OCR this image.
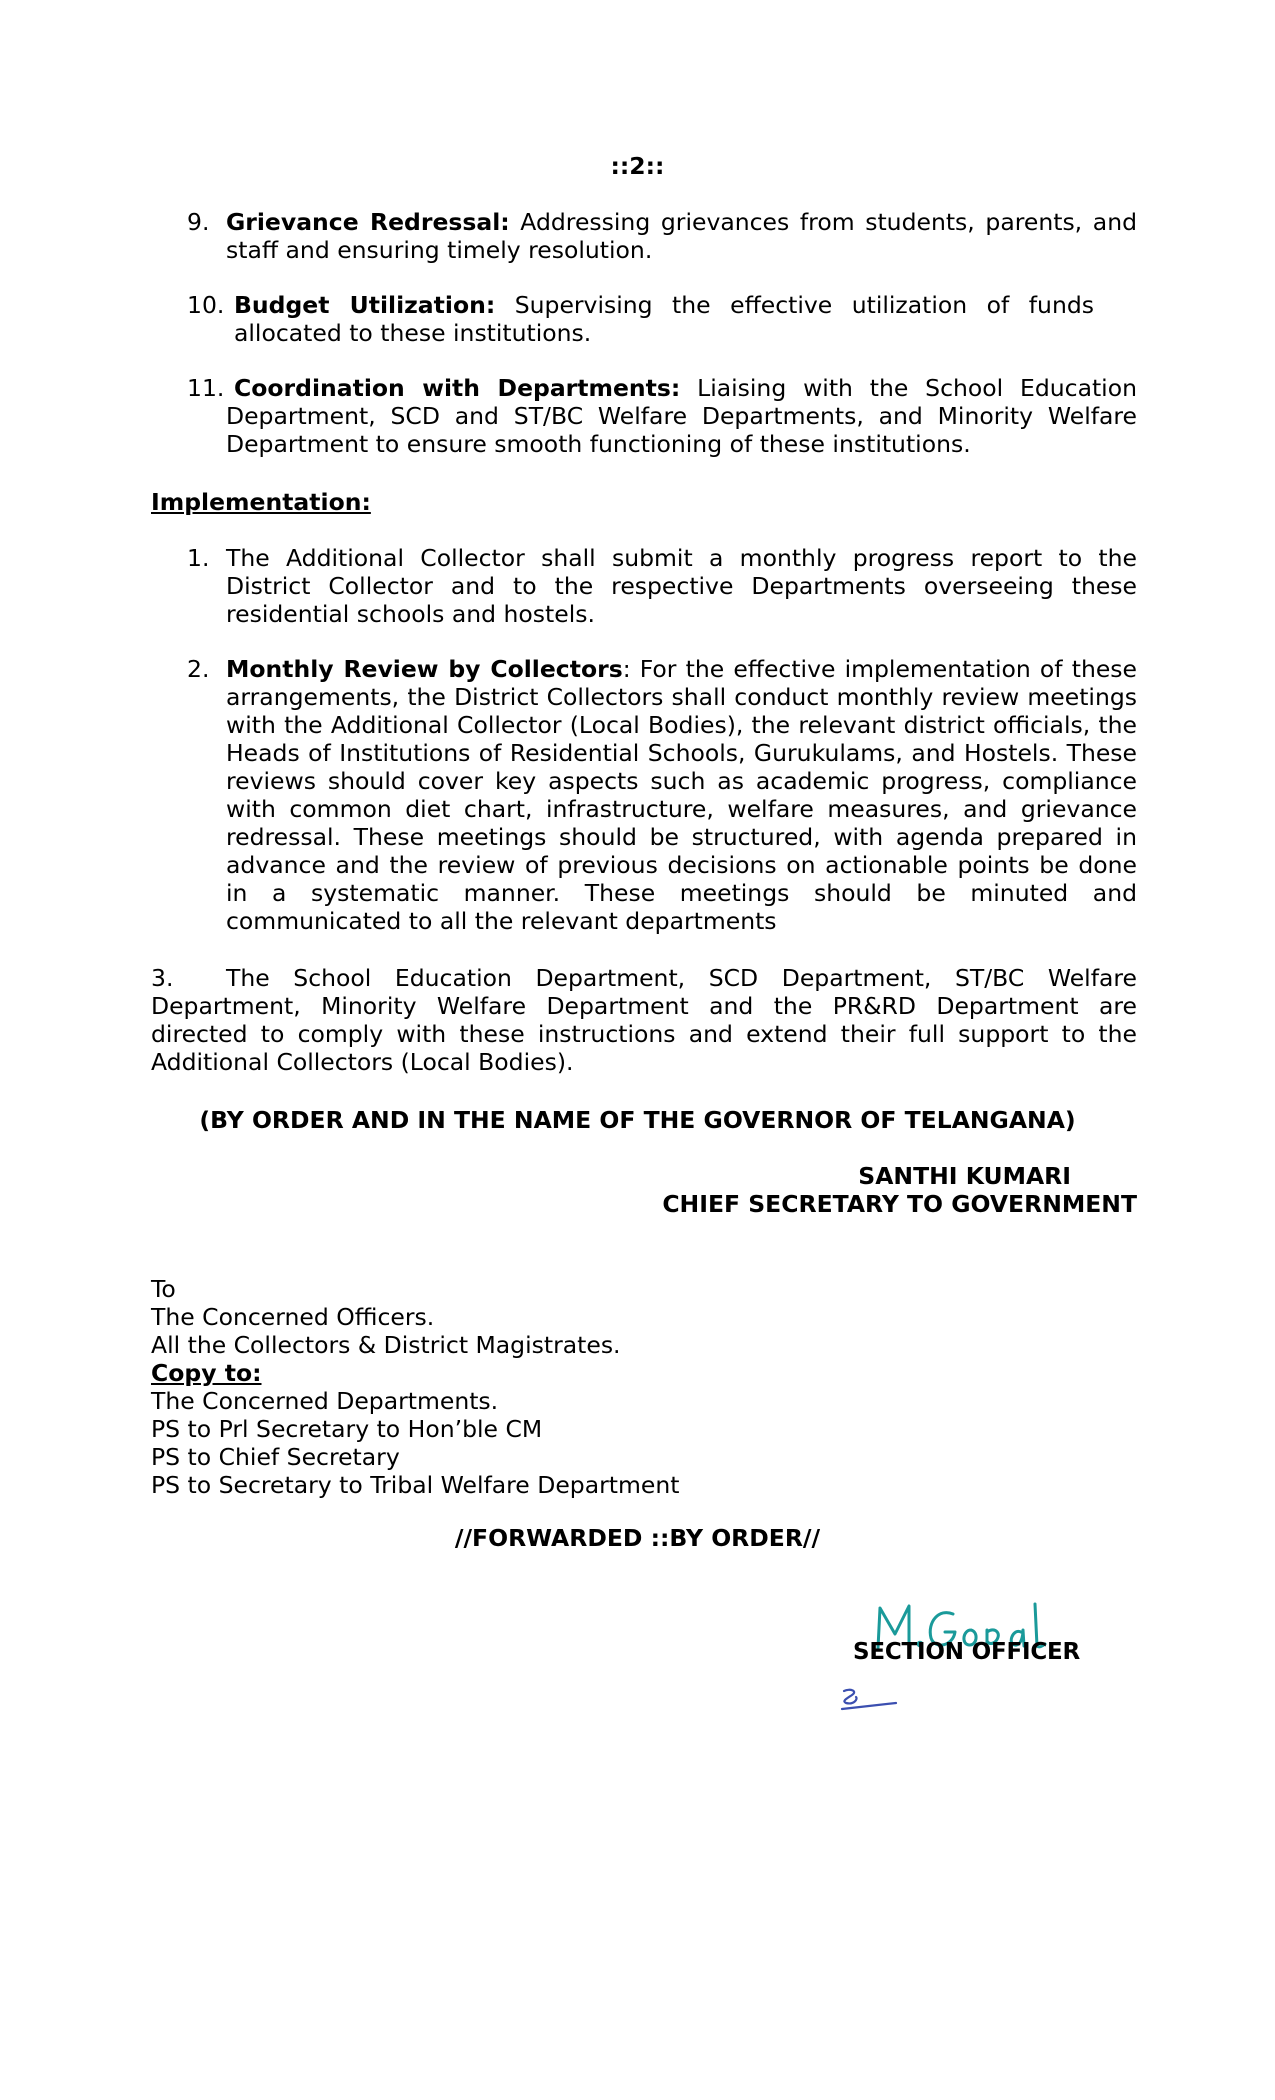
::2::
9. Grievance Redressal: Addressing grievances from students, parents, and staff and ensuring timely resolution.
10. Budget Utilization: Supervising the effective utilization of funds allocated to these institutions.
11. Coordination with Departments: Liaising with the School Education Department, SCD and ST/BC Welfare Departments, and Minority Welfare Department to ensure smooth functioning of these institutions.
Implementation:
1. The Additional Collector shall submit a monthly progress report to the District Collector and to the respective Departments overseeing these residential schools and hostels.
2. Monthly Review by Collectors: For the effective implementation of these arrangements, the District Collectors shall conduct monthly review meetings with the Additional Collector (Local Bodies), the relevant district officials, the Heads of Institutions of Residential Schools, Gurukulams, and Hostels. These reviews should cover key aspects such as academic progress, compliance with common diet chart, infrastructure, welfare measures, and grievance redressal. These meetings should be structured, with agenda prepared in advance and the review of previous decisions on actionable points be done in a systematic manner. These meetings should be minuted and communicated to all the relevant departments
3. The School Education Department, SCD Department, ST/BC Welfare Department, Minority Welfare Department and the PR&RD Department are directed to comply with these instructions and extend their full support to the Additional Collectors (Local Bodies).
(BY ORDER AND IN THE NAME OF THE GOVERNOR OF TELANGANA)
SANTHI KUMARI
CHIEF SECRETARY TO GOVERNMENT
To
The Concerned Officers.
All the Collectors & District Magistrates.
Copy to:
The Concerned Departments.
PS to Prl Secretary to Hon’ble CM
PS to Chief Secretary
PS to Secretary to Tribal Welfare Department
//FORWARDED ::BY ORDER//
SECTION OFFICER
